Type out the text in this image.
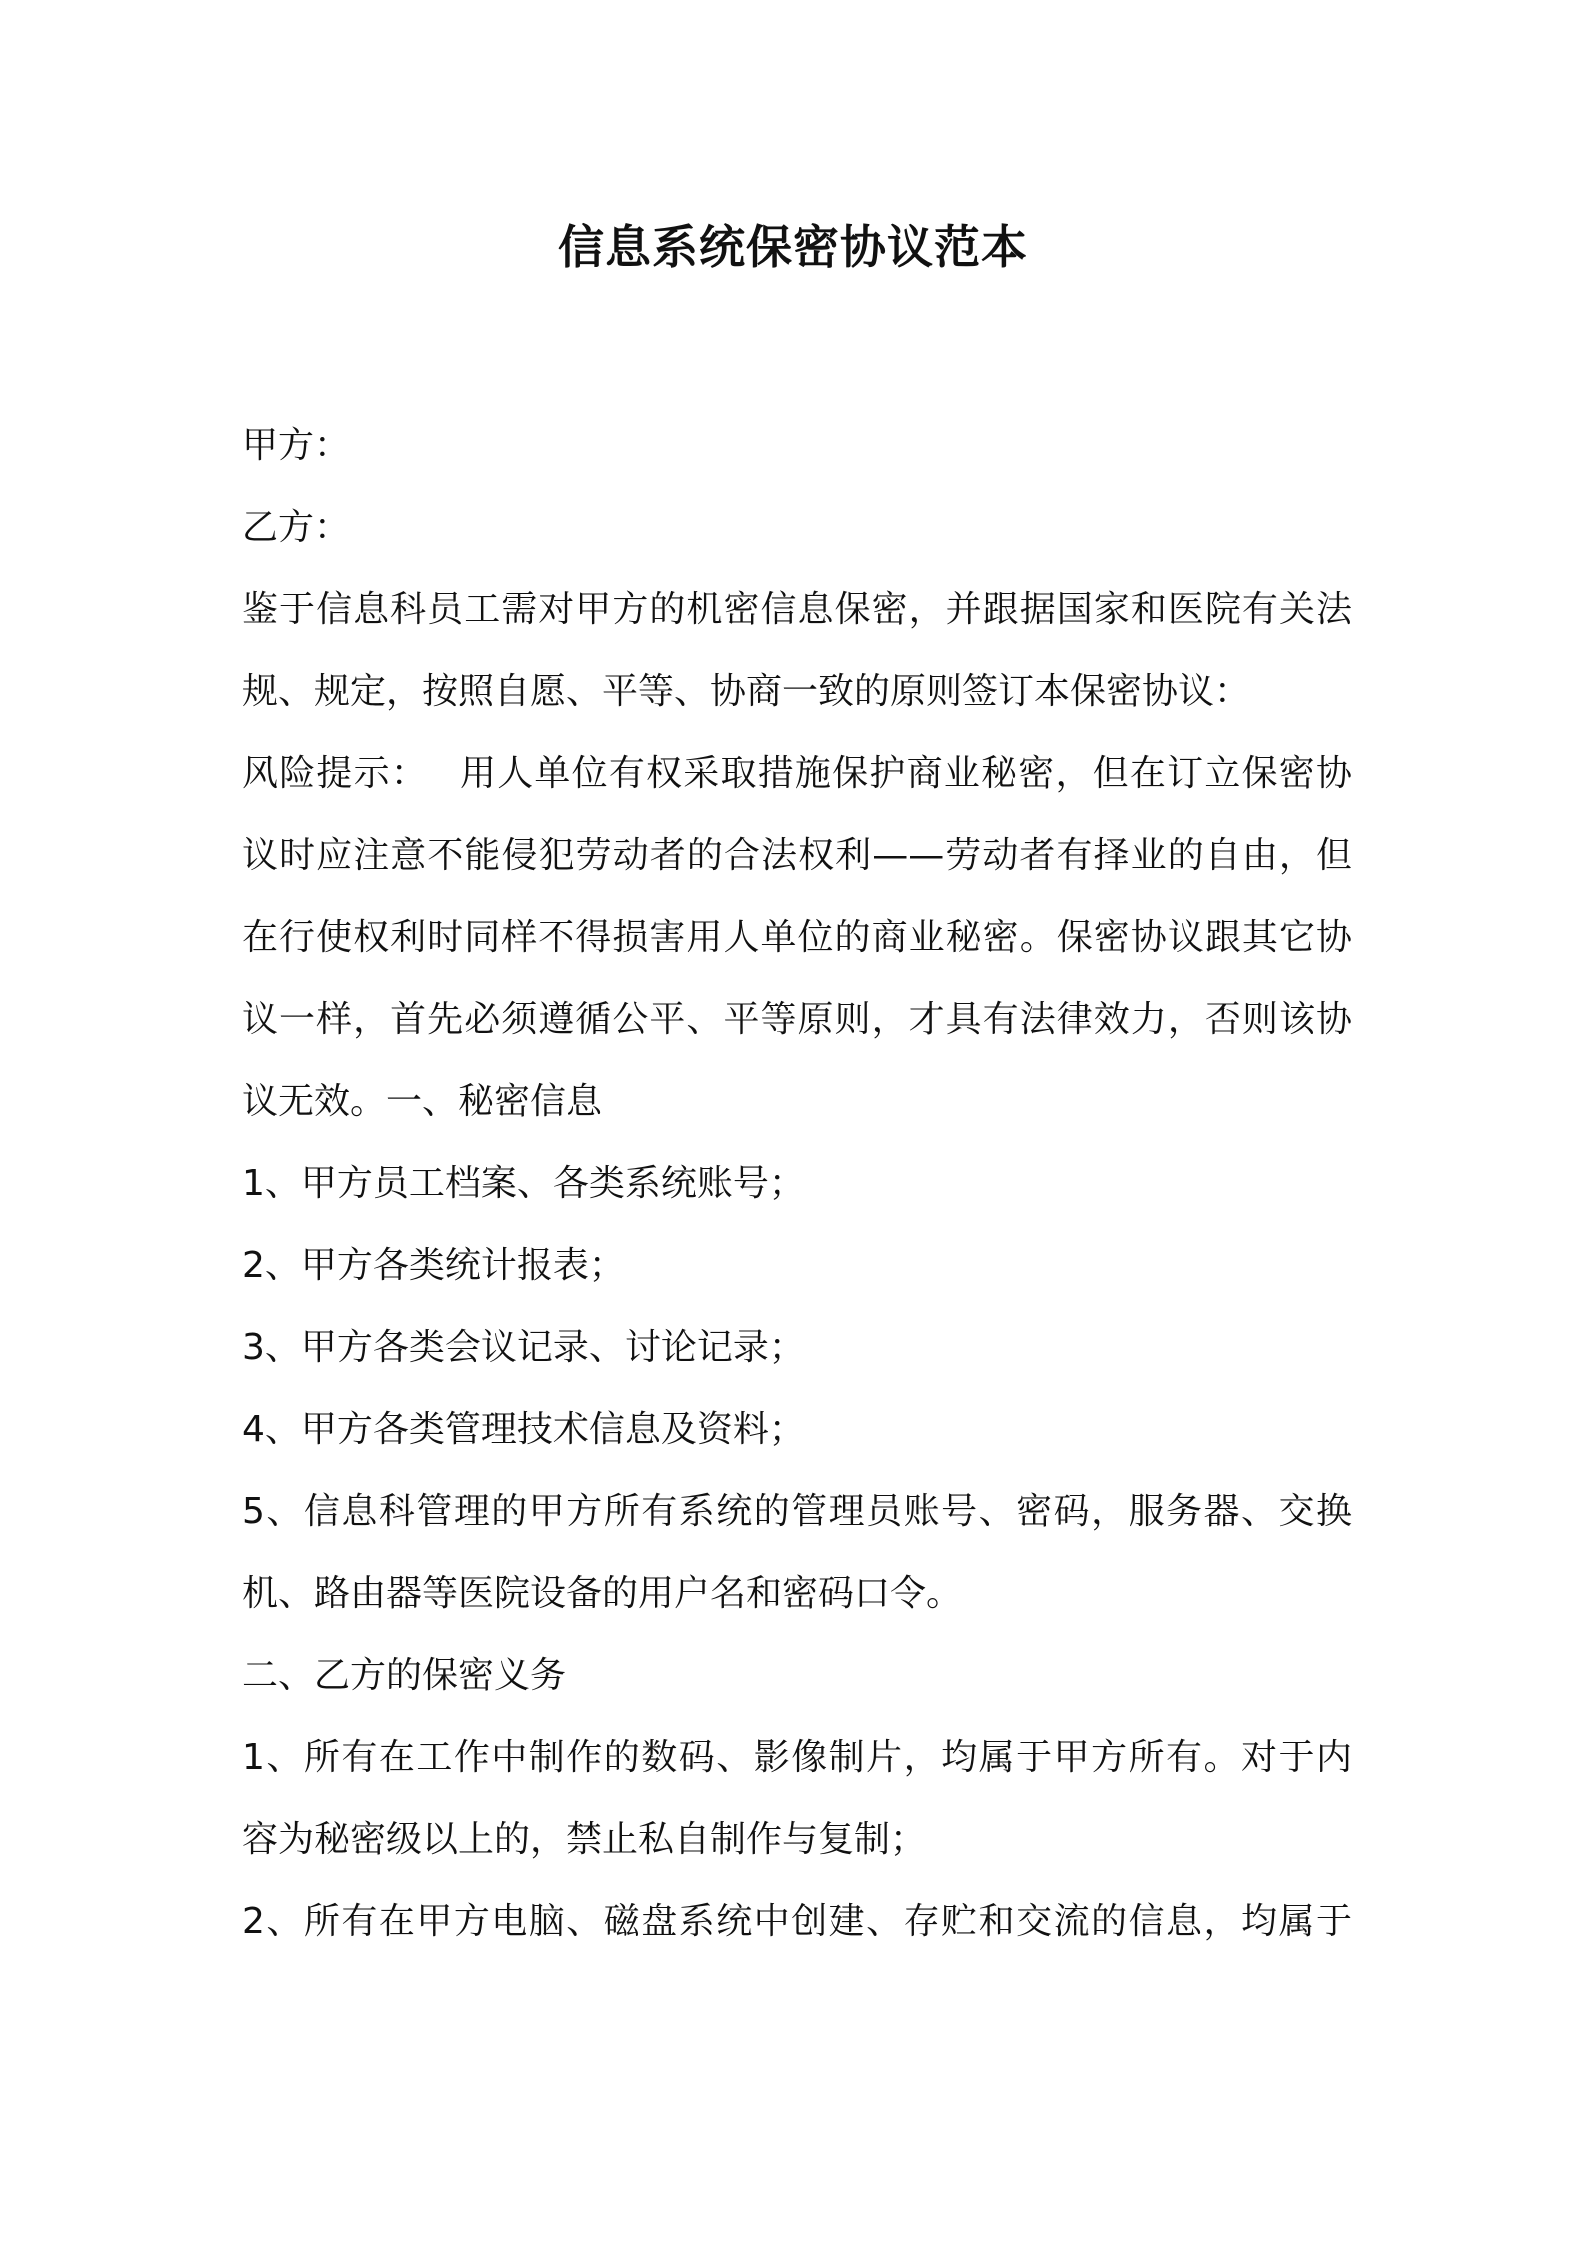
信息系统保密协议范本

甲方：

乙方：

鉴于信息科员工需对甲方的机密信息保密，并跟据国家和医院有关法

规、规定，按照自愿、平等、协商一致的原则签订本保密协议：

风险提示：　 用人单位有权采取措施保护商业秘密，但在订立保密协

议时应注意不能侵犯劳动者的合法权利——劳动者有择业的自由，但

在行使权利时同样不得损害用人单位的商业秘密。保密协议跟其它协

议一样，首先必须遵循公平、平等原则，才具有法律效力，否则该协

议无效。一、秘密信息

1、甲方员工档案、各类系统账号；

2、甲方各类统计报表；

3、甲方各类会议记录、讨论记录；

4、甲方各类管理技术信息及资料；

5、信息科管理的甲方所有系统的管理员账号、密码，服务器、交换

机、路由器等医院设备的用户名和密码口令。

二、乙方的保密义务

1、所有在工作中制作的数码、影像制片，均属于甲方所有。对于内

容为秘密级以上的，禁止私自制作与复制；

2、所有在甲方电脑、磁盘系统中创建、存贮和交流的信息，均属于
